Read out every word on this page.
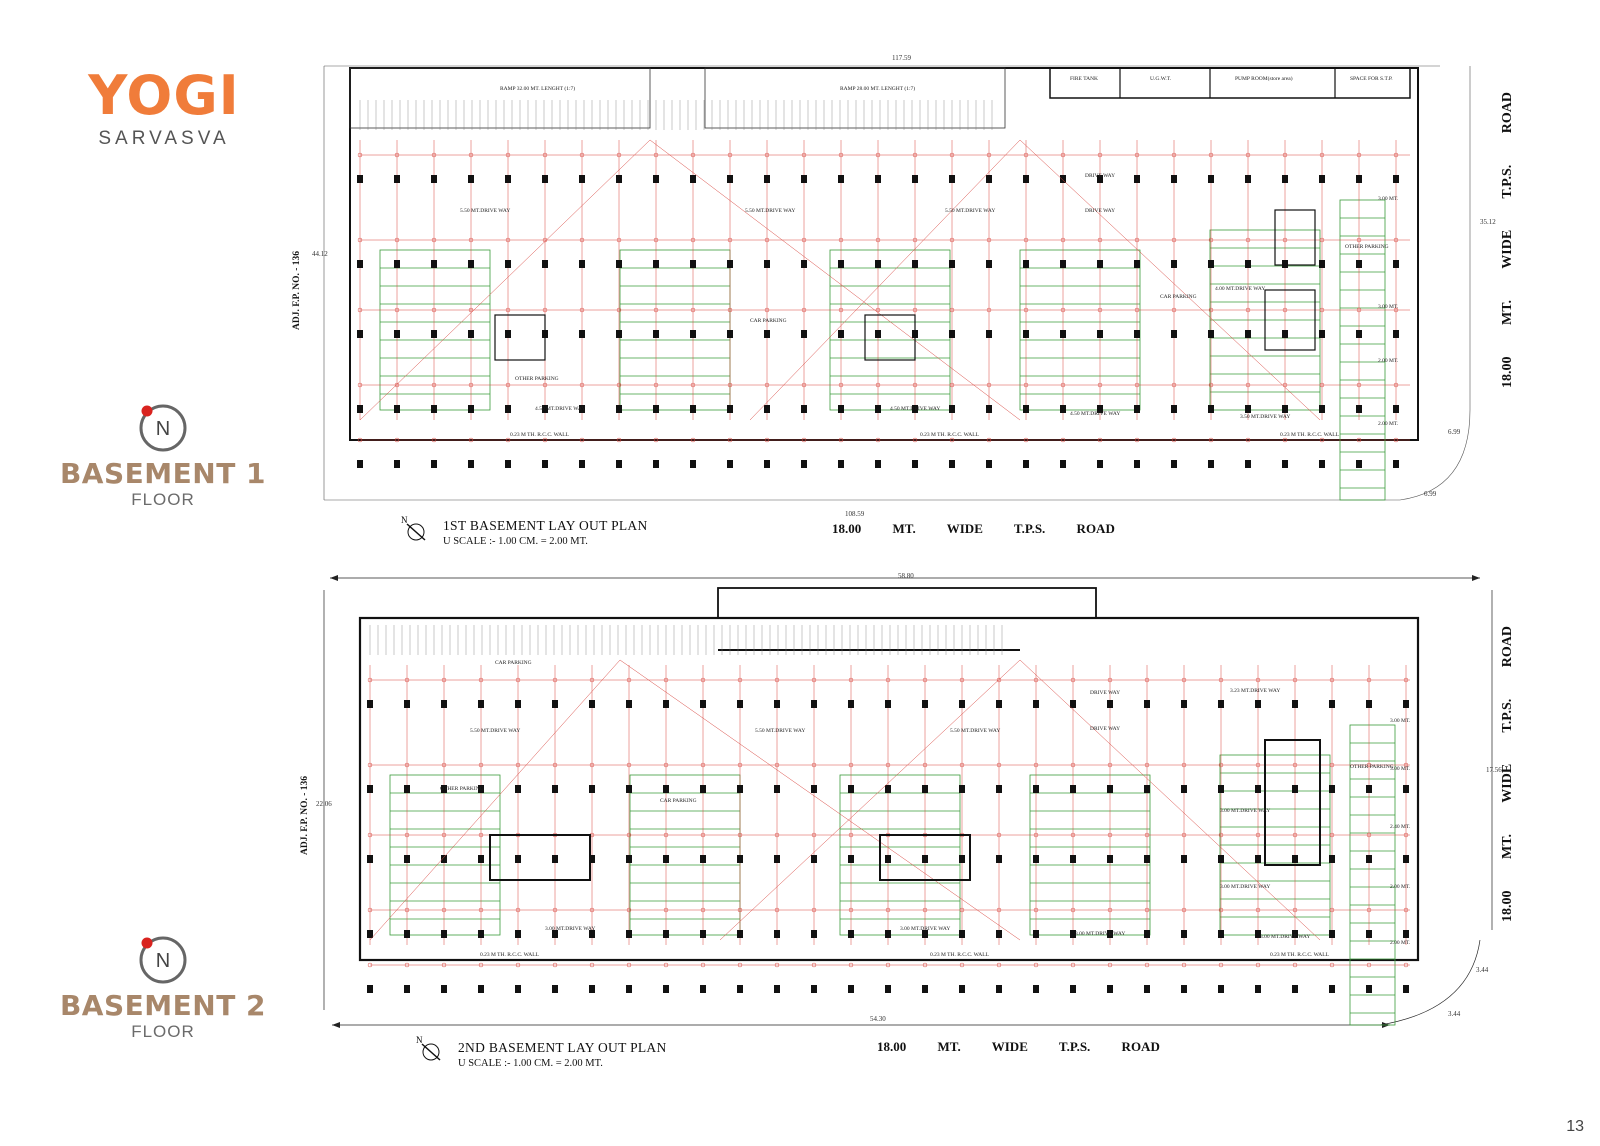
YOGI
SARVASVA
N
BASEMENT 1
FLOOR
N
BASEMENT 2
FLOOR
RAMP 32.00 MT. LENGHT (1:7)	RAMP 28.00 MT. LENGHT (1:7)
FIRE TANK	U.G.W.T.	PUMP ROOM(store area)	SPACE FOR S.T.P.
5.50 MT.DRIVE WAY	5.50 MT.DRIVE WAY	5.50 MT.DRIVE WAY	DRIVE WAY
DRIVE WAY
4.50 MT.DRIVE WAY	4.50 MT.DRIVE WAY
4.50 MT.DRIVE WAY
4.00 MT.DRIVE WAY
3.50 MT.DRIVE WAY
OTHER PARKING
CAR PARKING
CAR PARKING
OTHER PARKING
3.00 MT.
3.00 MT.
2.00 MT.
2.00 MT.
0.23 M TH. R.C.C. WALL	0.23 M TH. R.C.C. WALL	0.23 M TH. R.C.C. WALL
117.59
108.59
44.12
35.12
6.99
6.99
ADJ. F.P. NO. - 136	18.00 MT. WIDE T.P.S. ROAD
N	1ST BASEMENT LAY OUT PLAN
U SCALE :- 1.00 CM. = 2.00 MT.
18.00 MT. WIDE T.P.S. ROAD
5.50 MT.DRIVE WAY	5.50 MT.DRIVE WAY	5.50 MT.DRIVE WAY
DRIVE WAY
DRIVE WAY
3.23 MT.DRIVE WAY
3.00 MT.DRIVE WAY	3.00 MT.DRIVE WAY
3.00 MT.DRIVE WAY	3.00 MT.DRIVE WAY
3.00 MT.DRIVE WAY
3.00 MT.DRIVE WAY
CAR PARKING
OTHER PARKING
CAR PARKING
OTHER PARKING
3.00 MT.
3.00 MT.
2.40 MT.
2.00 MT.
2.00 MT.
0.23 M TH. R.C.C. WALL	0.23 M TH. R.C.C. WALL	0.23 M TH. R.C.C. WALL
58.80
54.30
22.06
17.56
3.44
3.44
ADJ. F.P. NO. - 136	18.00 MT. WIDE T.P.S. ROAD
N	2ND BASEMENT LAY OUT PLAN
U SCALE :- 1.00 CM. = 2.00 MT.
18.00 MT. WIDE T.P.S. ROAD
13
